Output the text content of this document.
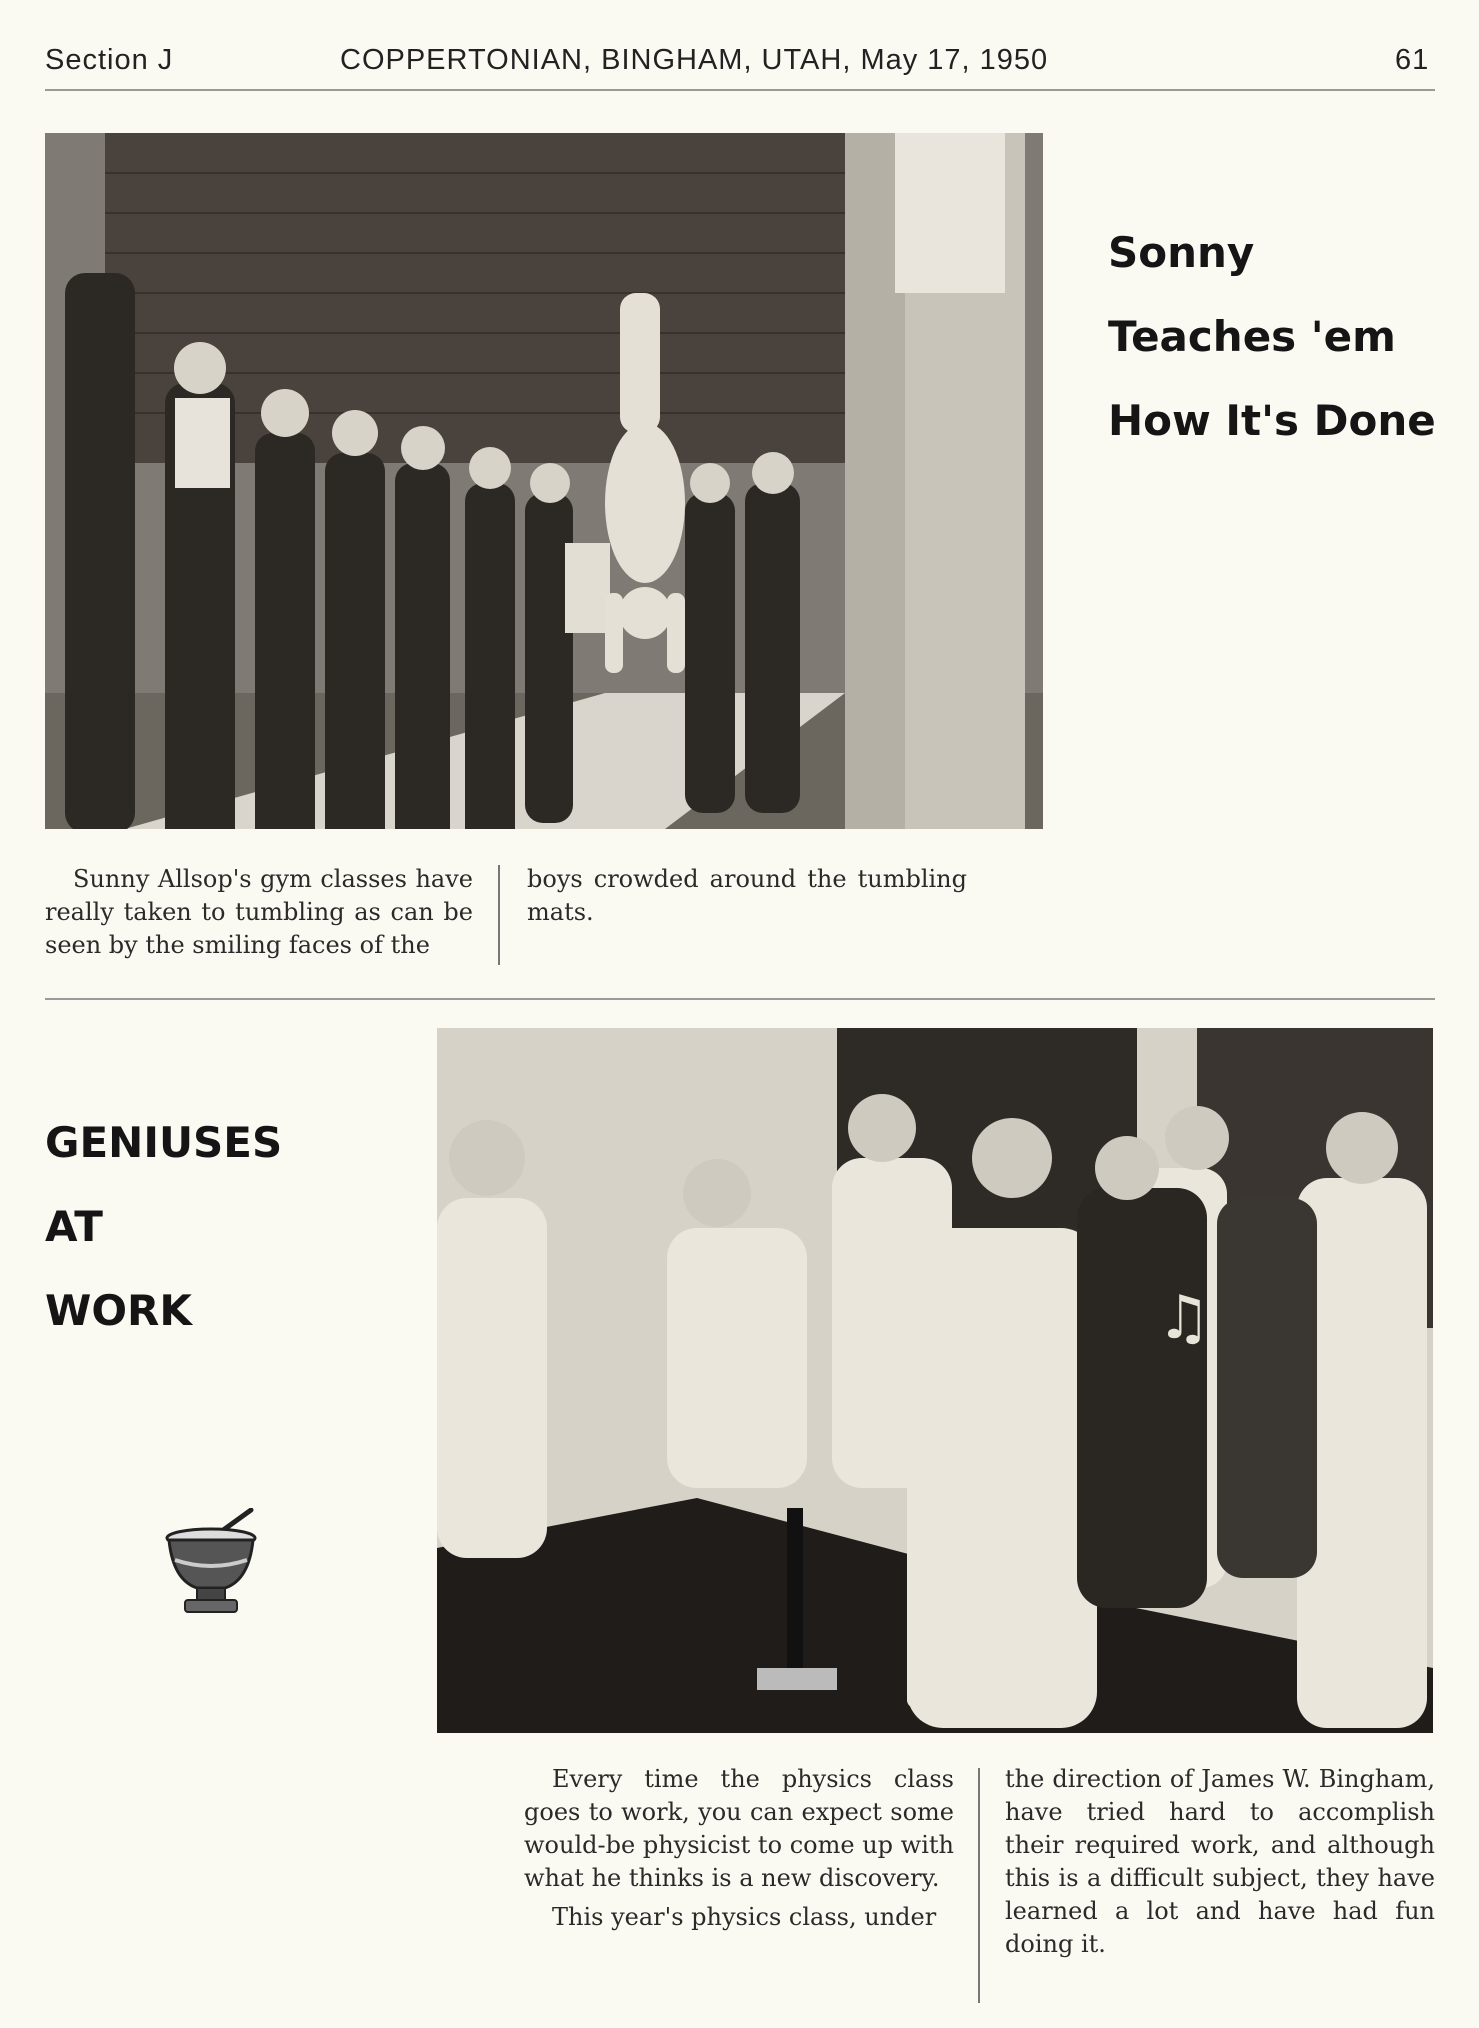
Section J	COPPERTONIAN, BINGHAM, UTAH, May 17, 1950	61
Sonny
Teaches 'em
How It's Done

Sunny Allsop's gym classes have really taken to tumbling as can be seen by the smiling faces of the

boys crowded around the tumbling mats.

GENIUSES
AT
WORK	♫

Every time the physics class goes to work, you can expect some would-be physicist to come up with what he thinks is a new discovery.

This year's physics class, under

the direction of James W. Bingham, have tried hard to accomplish their required work, and although this is a difficult subject, they have learned a lot and have had fun doing it.
